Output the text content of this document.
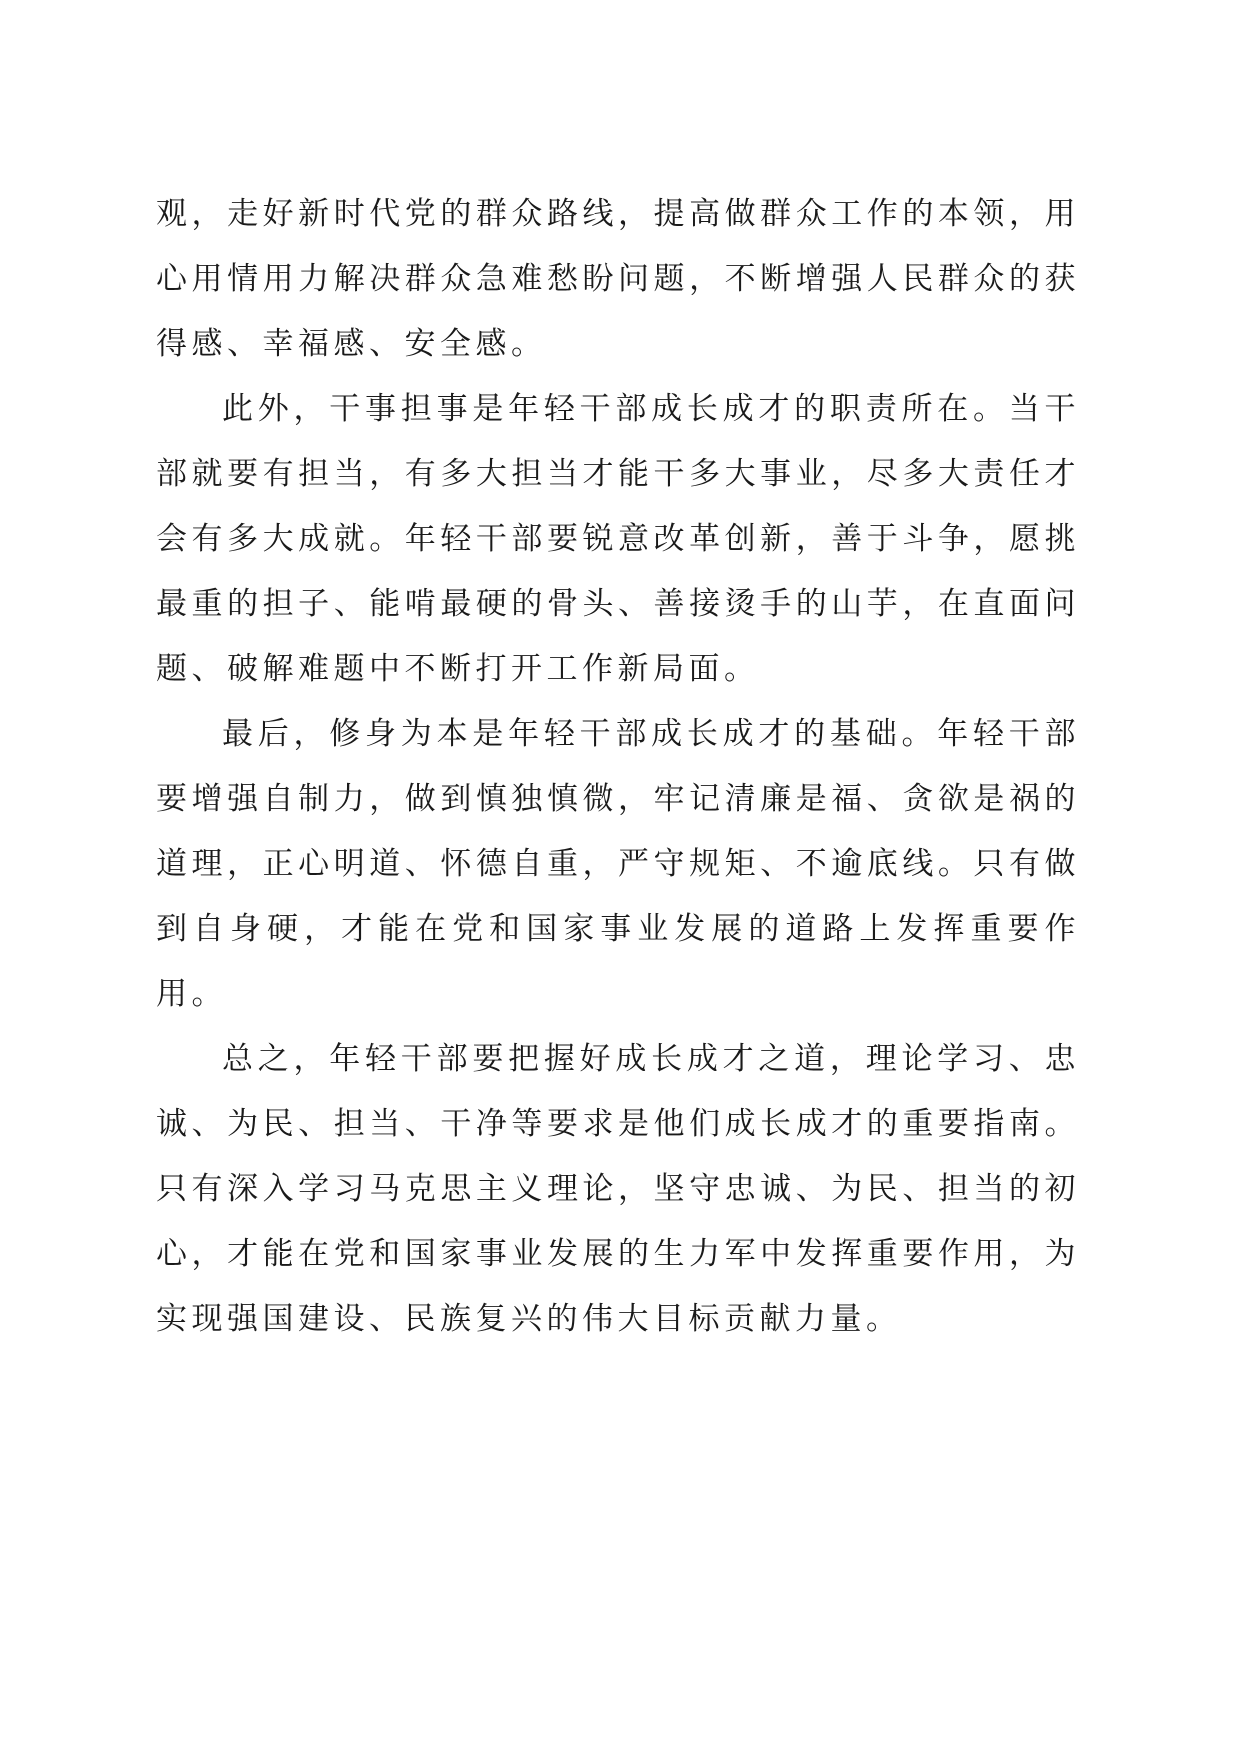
观，走好新时代党的群众路线，提高做群众工作的本领，用心用情用力解决群众急难愁盼问题，不断增强人民群众的获得感、幸福感、安全感。

此外，干事担事是年轻干部成长成才的职责所在。当干部就要有担当，有多大担当才能干多大事业，尽多大责任才会有多大成就。年轻干部要锐意改革创新，善于斗争，愿挑最重的担子、能啃最硬的骨头、善接烫手的山芋，在直面问题、破解难题中不断打开工作新局面。

最后，修身为本是年轻干部成长成才的基础。年轻干部要增强自制力，做到慎独慎微，牢记清廉是福、贪欲是祸的道理，正心明道、怀德自重，严守规矩、不逾底线。只有做到自身硬，才能在党和国家事业发展的道路上发挥重要作用。

总之，年轻干部要把握好成长成才之道，理论学习、忠诚、为民、担当、干净等要求是他们成长成才的重要指南。只有深入学习马克思主义理论，坚守忠诚、为民、担当的初心，才能在党和国家事业发展的生力军中发挥重要作用，为实现强国建设、民族复兴的伟大目标贡献力量。
